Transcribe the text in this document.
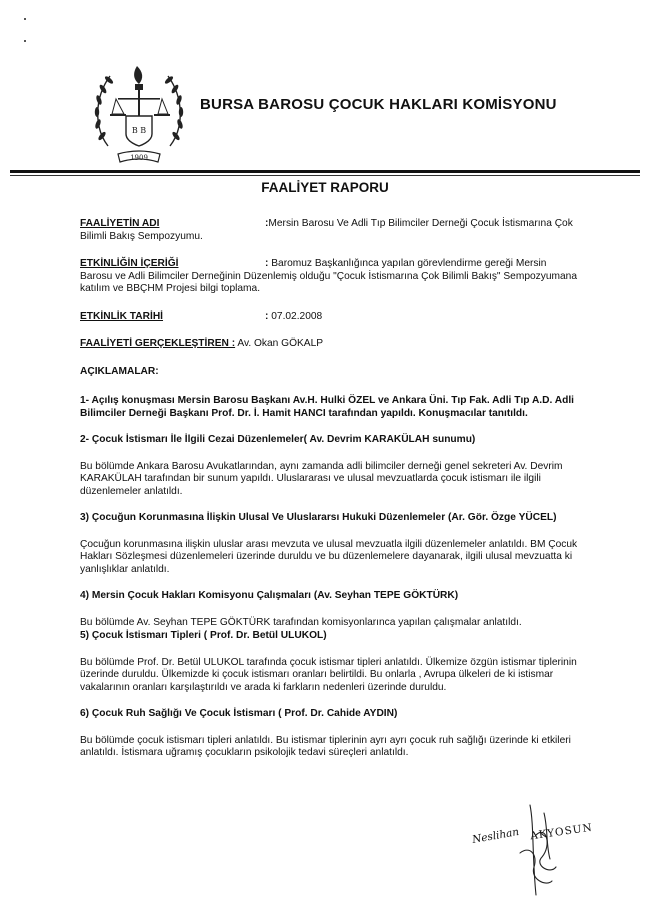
B B
1909
BURSA BAROSU ÇOCUK HAKLARI KOMİSYONU
FAALİYET RAPORU
FAALİYETİN ADI	:Mersin Barosu Ve Adli Tıp Bilimciler Derneği Çocuk İstismarına Çok Bilimli Bakış Sempozyumu.
ETKİNLİĞİN İÇERİĞİ	: Baromuz Başkanlığınca yapılan görevlendirme gereği Mersin Barosu ve Adli Bilimciler Derneğinin Düzenlemiş olduğu "Çocuk İstismarına Çok Bilimli Bakış" Sempozyumana katılım ve BBÇHM Projesi bilgi toplama.
ETKİNLİK TARİHİ	: 07.02.2008
FAALİYETİ GERÇEKLEŞTİREN : Av. Okan GÖKALP
AÇIKLAMALAR:
1- Açılış konuşması Mersin Barosu Başkanı Av.H. Hulki ÖZEL ve Ankara Üni. Tıp Fak. Adli Tıp A.D. Adli Bilimciler Derneği Başkanı Prof. Dr. İ. Hamit HANCI tarafından yapıldı. Konuşmacılar tanıtıldı.
2- Çocuk İstismarı İle İlgili Cezai Düzenlemeler( Av. Devrim KARAKÜLAH sunumu)
Bu bölümde Ankara Barosu Avukatlarından, aynı zamanda adli bilimciler derneği genel sekreteri Av. Devrim KARAKÜLAH tarafından bir sunum yapıldı. Uluslararası ve ulusal mevzuatlarda çocuk istismarı ile ilgili düzenlemeler anlatıldı.
3) Çocuğun Korunmasına İlişkin Ulusal Ve Uluslararsı Hukuki Düzenlemeler (Ar. Gör. Özge YÜCEL)
Çocuğun korunmasına ilişkin uluslar arası mevzuta ve ulusal mevzuatla ilgili düzenlemeler anlatıldı. BM Çocuk Hakları Sözleşmesi düzenlemeleri üzerinde duruldu ve bu düzenlemelere dayanarak, ilgili ulusal mevzuatta ki yanlışlıklar anlatıldı.
4) Mersin Çocuk Hakları Komisyonu Çalışmaları (Av. Seyhan TEPE GÖKTÜRK)
Bu bölümde Av. Seyhan TEPE GÖKTÜRK tarafından komisyonlarınca yapılan çalışmalar anlatıldı.
5) Çocuk İstismarı Tipleri ( Prof. Dr. Betül ULUKOL)
Bu bölümde Prof. Dr. Betül ULUKOL tarafında çocuk istismar tipleri anlatıldı. Ülkemize özgün istismar tiplerinin üzerinde duruldu. Ülkemizde ki çocuk istismarı oranları belirtildi. Bu onlarla , Avrupa ülkeleri de ki istismar vakalarının oranları karşılaştırıldı ve arada ki farkların nedenleri üzerinde duruldu.
6) Çocuk Ruh Sağlığı Ve Çocuk İstismarı ( Prof. Dr. Cahide AYDIN)
Bu bölümde çocuk istismarı tipleri anlatıldı. Bu istismar tiplerinin ayrı ayrı çocuk ruh sağlığı üzerinde ki etkileri anlatıldı. İstismara uğramış çocukların psikolojik tedavi süreçleri anlatıldı.
Neslihan AKYOSUN
